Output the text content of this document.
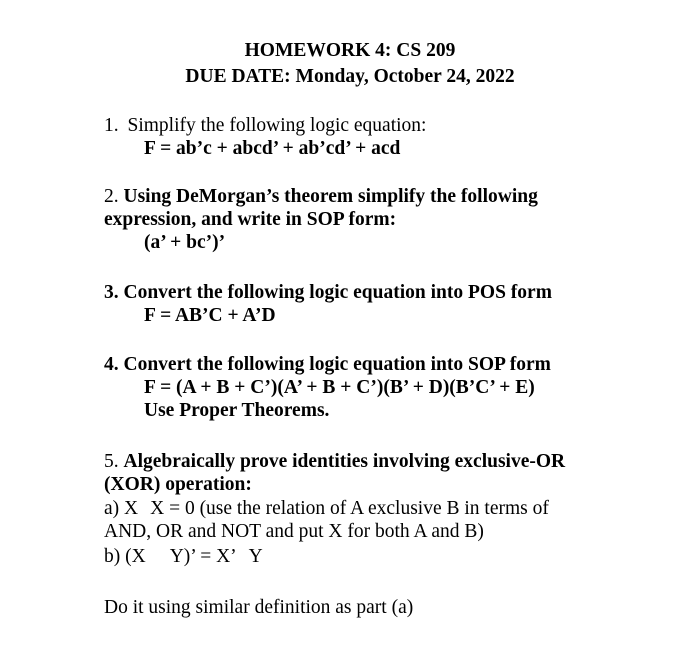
HOMEWORK 4: CS 209
DUE DATE: Monday, October 24, 2022
1. Simplify the following logic equation:
F = ab’c + abcd’ + ab’cd’ + acd
2. Using DeMorgan’s theorem simplify the following
expression, and write in SOP form:
(a’ + bc’)’
3. Convert the following logic equation into POS form
F = AB’C + A’D
4. Convert the following logic equation into SOP form
F = (A + B + C’)(A’ + B + C’)(B’ + D)(B’C’ + E)
Use Proper Theorems.
5. Algebraically prove identities involving exclusive-OR
(XOR) operation:
a) X X = 0 (use the relation of A exclusive B in terms of
AND, OR and NOT and put X for both A and B)
b) (X Y)’ = X’ Y
Do it using similar definition as part (a)
